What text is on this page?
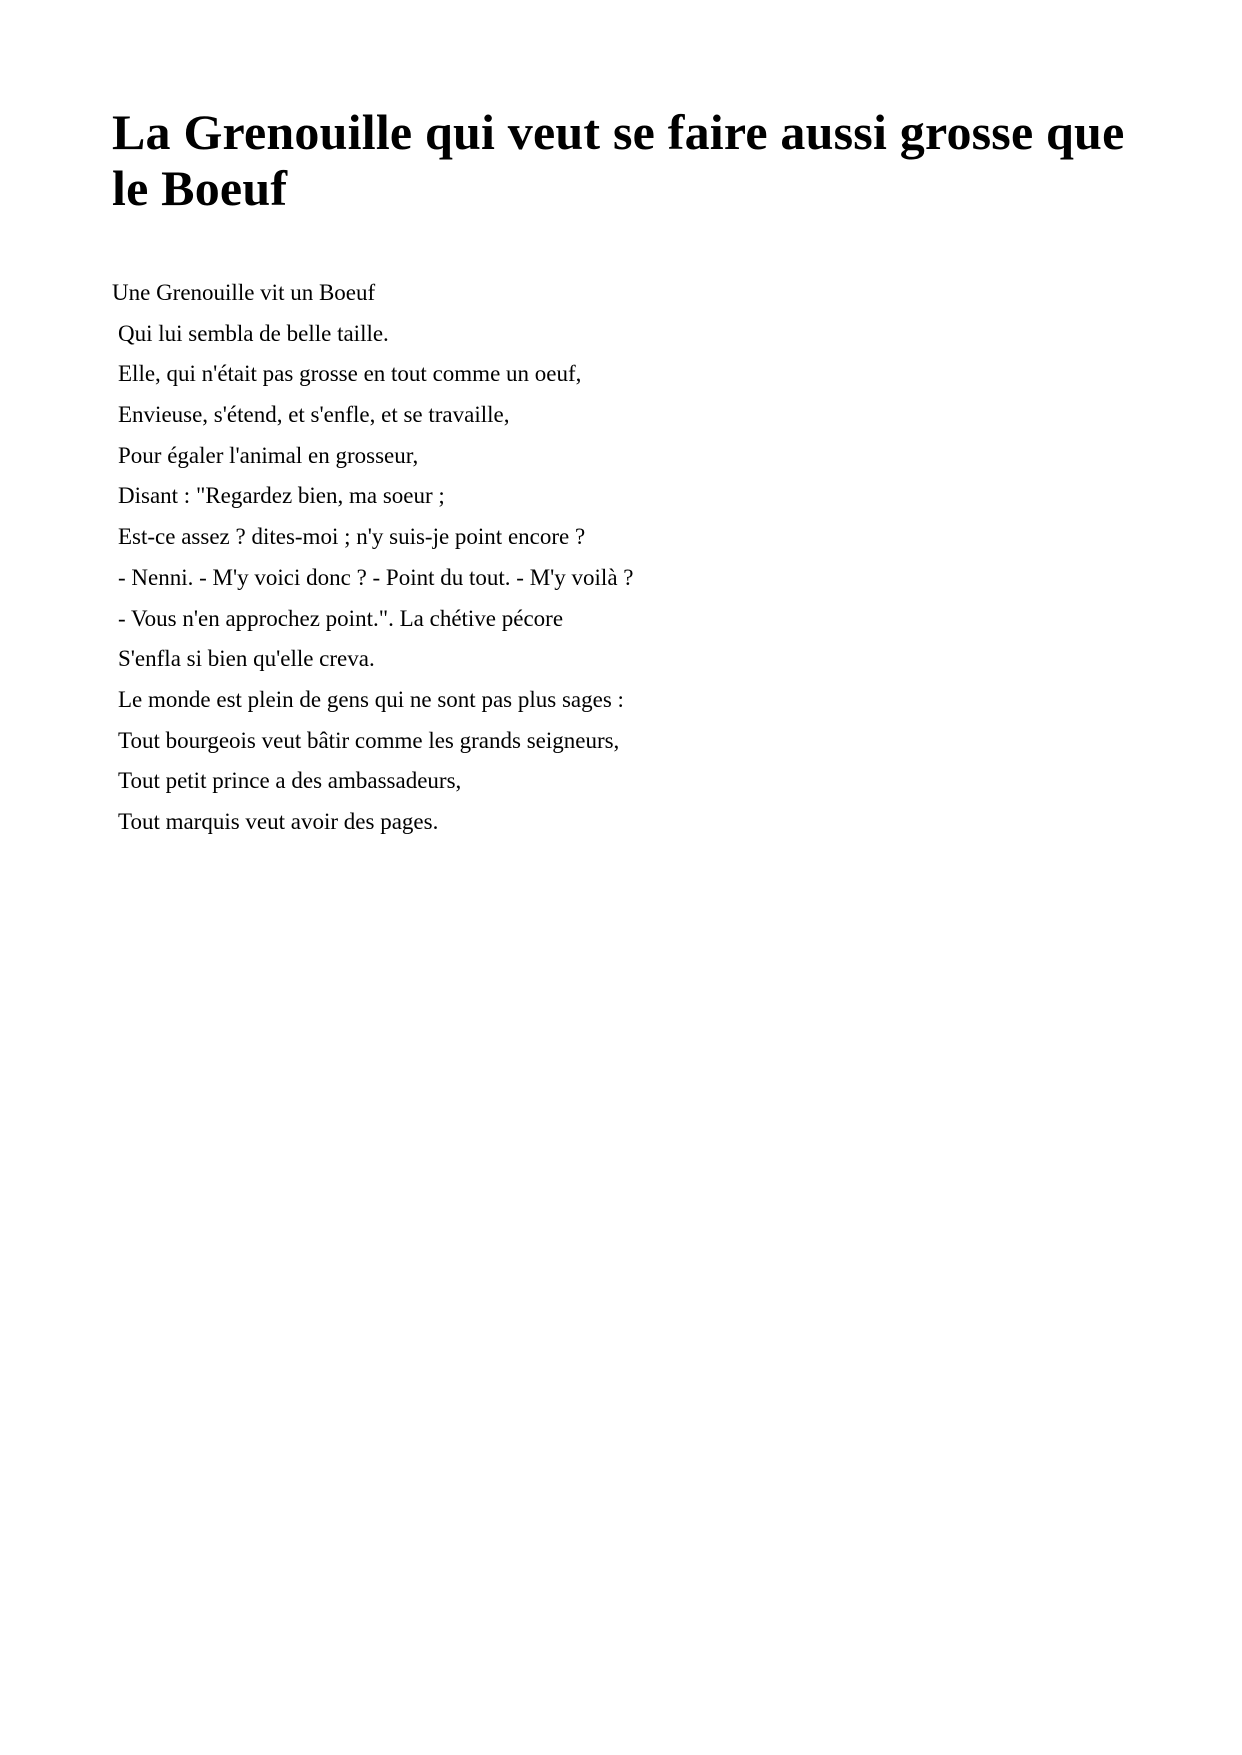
La Grenouille qui veut se faire aussi grosse que le Boeuf
Une Grenouille vit un Boeuf
Qui lui sembla de belle taille.
Elle, qui n'était pas grosse en tout comme un oeuf,
Envieuse, s'étend, et s'enfle, et se travaille,
Pour égaler l'animal en grosseur,
Disant : "Regardez bien, ma soeur ;
Est-ce assez ? dites-moi ; n'y suis-je point encore ?
- Nenni. - M'y voici donc ? - Point du tout. - M'y voilà ?
- Vous n'en approchez point.". La chétive pécore
S'enfla si bien qu'elle creva.
Le monde est plein de gens qui ne sont pas plus sages :
Tout bourgeois veut bâtir comme les grands seigneurs,
Tout petit prince a des ambassadeurs,
Tout marquis veut avoir des pages.
